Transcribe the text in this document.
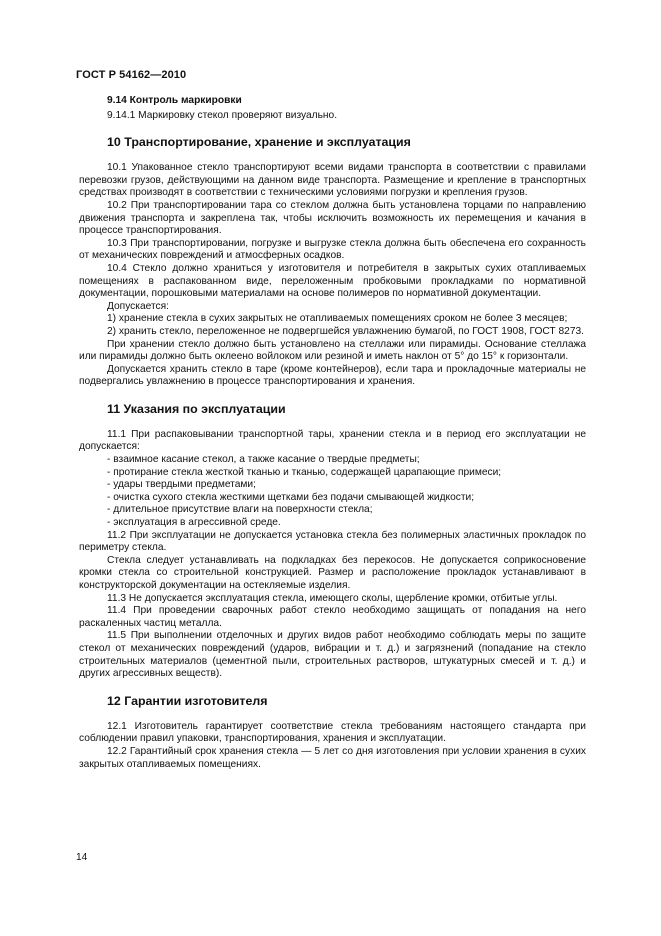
ГОСТ Р 54162—2010
9.14 Контроль маркировки

9.14.1 Маркировку стекол проверяют визуально.

10 Транспортирование, хранение и эксплуатация

10.1 Упакованное стекло транспортируют всеми видами транспорта в соответствии с правилами перевозки грузов, действующими на данном виде транспорта. Размещение и крепление в транспортных средствах производят в соответствии с техническими условиями погрузки и крепления грузов.

10.2 При транспортировании тара со стеклом должна быть установлена торцами по направлению движения транспорта и закреплена так, чтобы исключить возможность их перемещения и качания в процессе транспортирования.

10.3 При транспортировании, погрузке и выгрузке стекла должна быть обеспечена его сохранность от механических повреждений и атмосферных осадков.

10.4 Стекло должно храниться у изготовителя и потребителя в закрытых сухих отапливаемых помещениях в распакованном виде, переложенным пробковыми прокладками по нормативной документации, порошковыми материалами на основе полимеров по нормативной документации.

Допускается:

1) хранение стекла в сухих закрытых не отапливаемых помещениях сроком не более 3 месяцев;

2) хранить стекло, переложенное не подвергшейся увлажнению бумагой, по ГОСТ 1908, ГОСТ 8273.

При хранении стекло должно быть установлено на стеллажи или пирамиды. Основание стеллажа или пирамиды должно быть оклеено войлоком или резиной и иметь наклон от 5° до 15° к горизонтали.

Допускается хранить стекло в таре (кроме контейнеров), если тара и прокладочные материалы не подвергались увлажнению в процессе транспортирования и хранения.

11 Указания по эксплуатации

11.1 При распаковывании транспортной тары, хранении стекла и в период его эксплуатации не допускается:

- взаимное касание стекол, а также касание о твердые предметы;

- протирание стекла жесткой тканью и тканью, содержащей царапающие примеси;

- удары твердыми предметами;

- очистка сухого стекла жесткими щетками без подачи смывающей жидкости;

- длительное присутствие влаги на поверхности стекла;

- эксплуатация в агрессивной среде.

11.2 При эксплуатации не допускается установка стекла без полимерных эластичных прокладок по периметру стекла.

Стекла следует устанавливать на подкладках без перекосов. Не допускается соприкосновение кромки стекла со строительной конструкцией. Размер и расположение прокладок устанавливают в конструкторской документации на остекляемые изделия.

11.3 Не допускается эксплуатация стекла, имеющего сколы, щербление кромки, отбитые углы.

11.4 При проведении сварочных работ стекло необходимо защищать от попадания на него раскаленных частиц металла.

11.5 При выполнении отделочных и других видов работ необходимо соблюдать меры по защите стекол от механических повреждений (ударов, вибрации и т. д.) и загрязнений (попадание на стекло строительных материалов (цементной пыли, строительных растворов, штукатурных смесей и т. д.) и других агрессивных веществ).

12 Гарантии изготовителя

12.1 Изготовитель гарантирует соответствие стекла требованиям настоящего стандарта при соблюдении правил упаковки, транспортирования, хранения и эксплуатации.

12.2 Гарантийный срок хранения стекла — 5 лет со дня изготовления при условии хранения в сухих закрытых отапливаемых помещениях.

14
